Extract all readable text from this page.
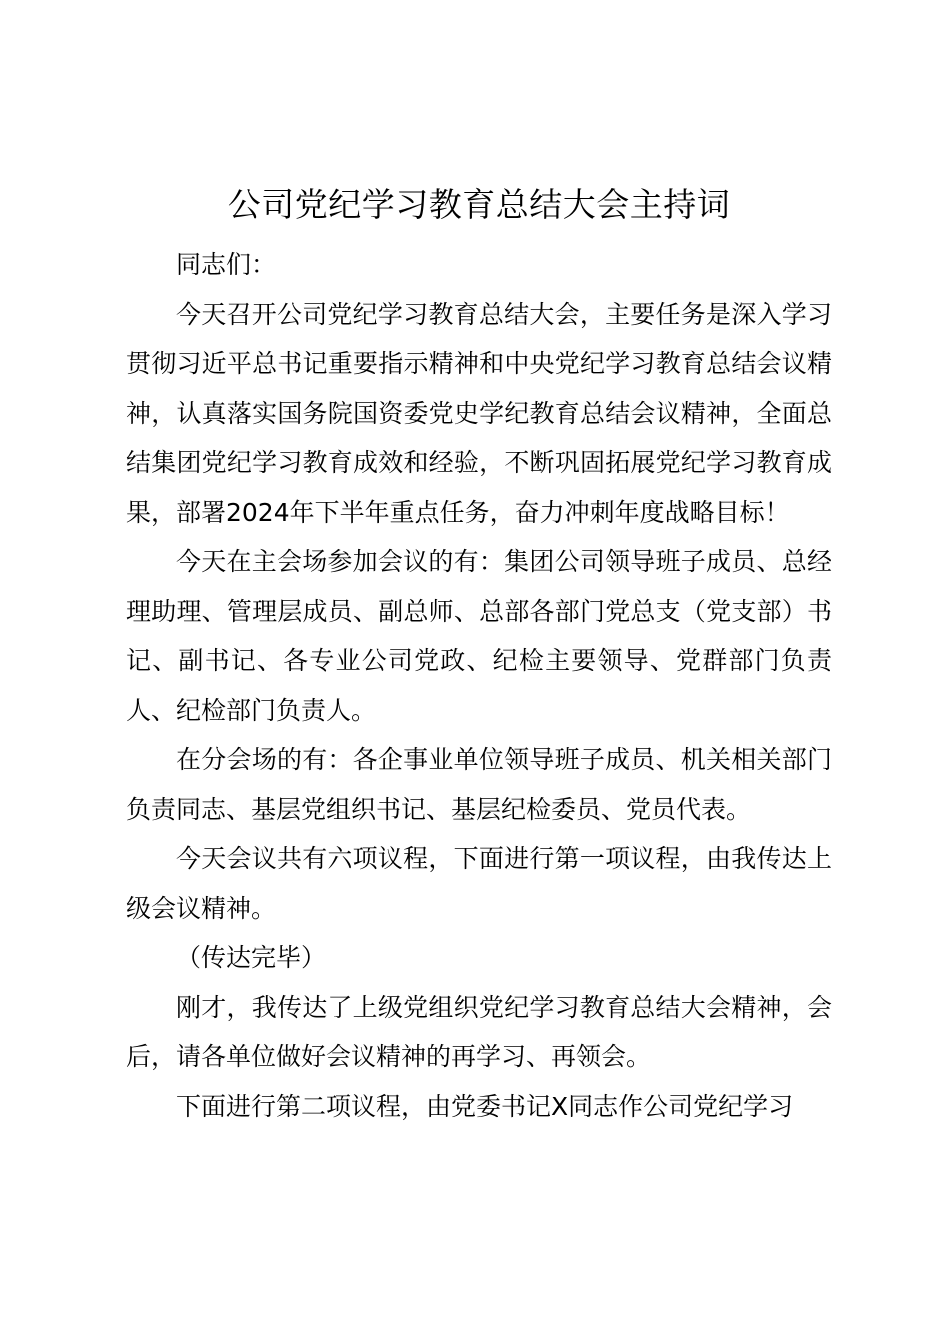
公司党纪学习教育总结大会主持词

同志们：

今天召开公司党纪学习教育总结大会，主要任务是深入学习贯彻习近平总书记重要指示精神和中央党纪学习教育总结会议精神，认真落实国务院国资委党史学纪教育总结会议精神，全面总结集团党纪学习教育成效和经验，不断巩固拓展党纪学习教育成果，部署2024年下半年重点任务，奋力冲刺年度战略目标！

今天在主会场参加会议的有：集团公司领导班子成员、总经理助理、管理层成员、副总师、总部各部门党总支（党支部）书记、副书记、各专业公司党政、纪检主要领导、党群部门负责人、纪检部门负责人。

在分会场的有：各企事业单位领导班子成员、机关相关部门负责同志、基层党组织书记、基层纪检委员、党员代表。

今天会议共有六项议程，下面进行第一项议程，由我传达上级会议精神。

（传达完毕）

刚才，我传达了上级党组织党纪学习教育总结大会精神，会后，请各单位做好会议精神的再学习、再领会。

下面进行第二项议程，由党委书记X同志作公司党纪学习
